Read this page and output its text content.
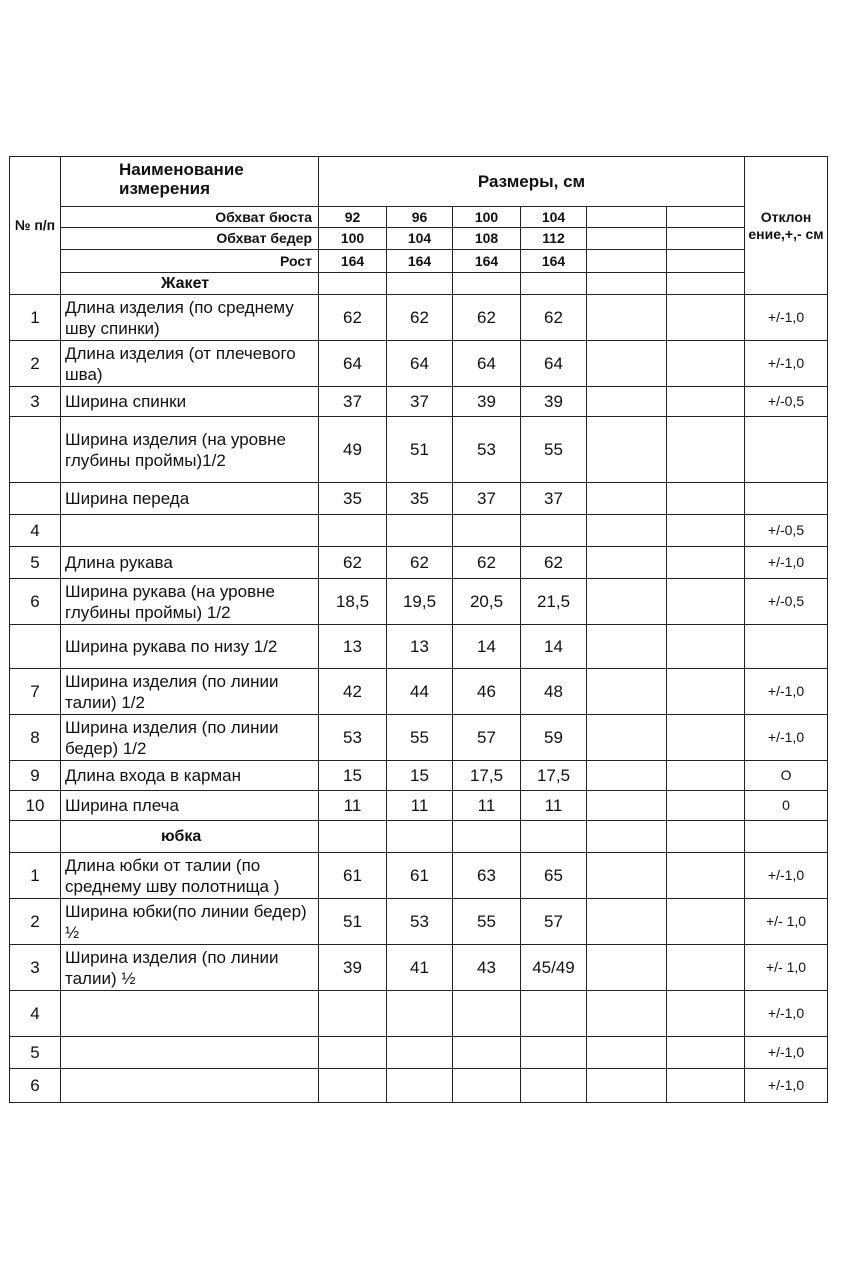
№ п/п	Наименование измерения	Размеры, см						Отклон ение,+,- см
	Обхват бюста	92	96	100	104			
	Обхват бедер	100	104	108	112			
	Рост	164	164	164	164			
	Жакет							
1	Длина изделия (по среднему шву спинки)	62	62	62	62			+/-1,0
2	Длина изделия (от плечевого шва)	64	64	64	64			+/-1,0
3	Ширина спинки	37	37	39	39			+/-0,5
	Ширина изделия (на уровне глубины проймы)1/2	49	51	53	55			
	Ширина переда	35	35	37	37			
4								+/-0,5
5	Длина рукава	62	62	62	62			+/-1,0
6	Ширина рукава (на уровне глубины проймы) 1/2	18,5	19,5	20,5	21,5			+/-0,5
	Ширина рукава по низу 1/2	13	13	14	14			
7	Ширина изделия (по линии талии) 1/2	42	44	46	48			+/-1,0
8	Ширина изделия (по линии бедер) 1/2	53	55	57	59			+/-1,0
9	Длина входа в карман	15	15	17,5	17,5			О
10	Ширина плеча	11	11	11	11			0
	юбка							
1	Длина юбки от талии (по среднему шву полотнища )	61	61	63	65			+/-1,0
2	Ширина юбки(по линии бедер) ½	51	53	55	57			+/- 1,0
3	Ширина изделия (по линии талии) ½	39	41	43	45/49			+/- 1,0
4								+/-1,0
5								+/-1,0
6								+/-1,0
